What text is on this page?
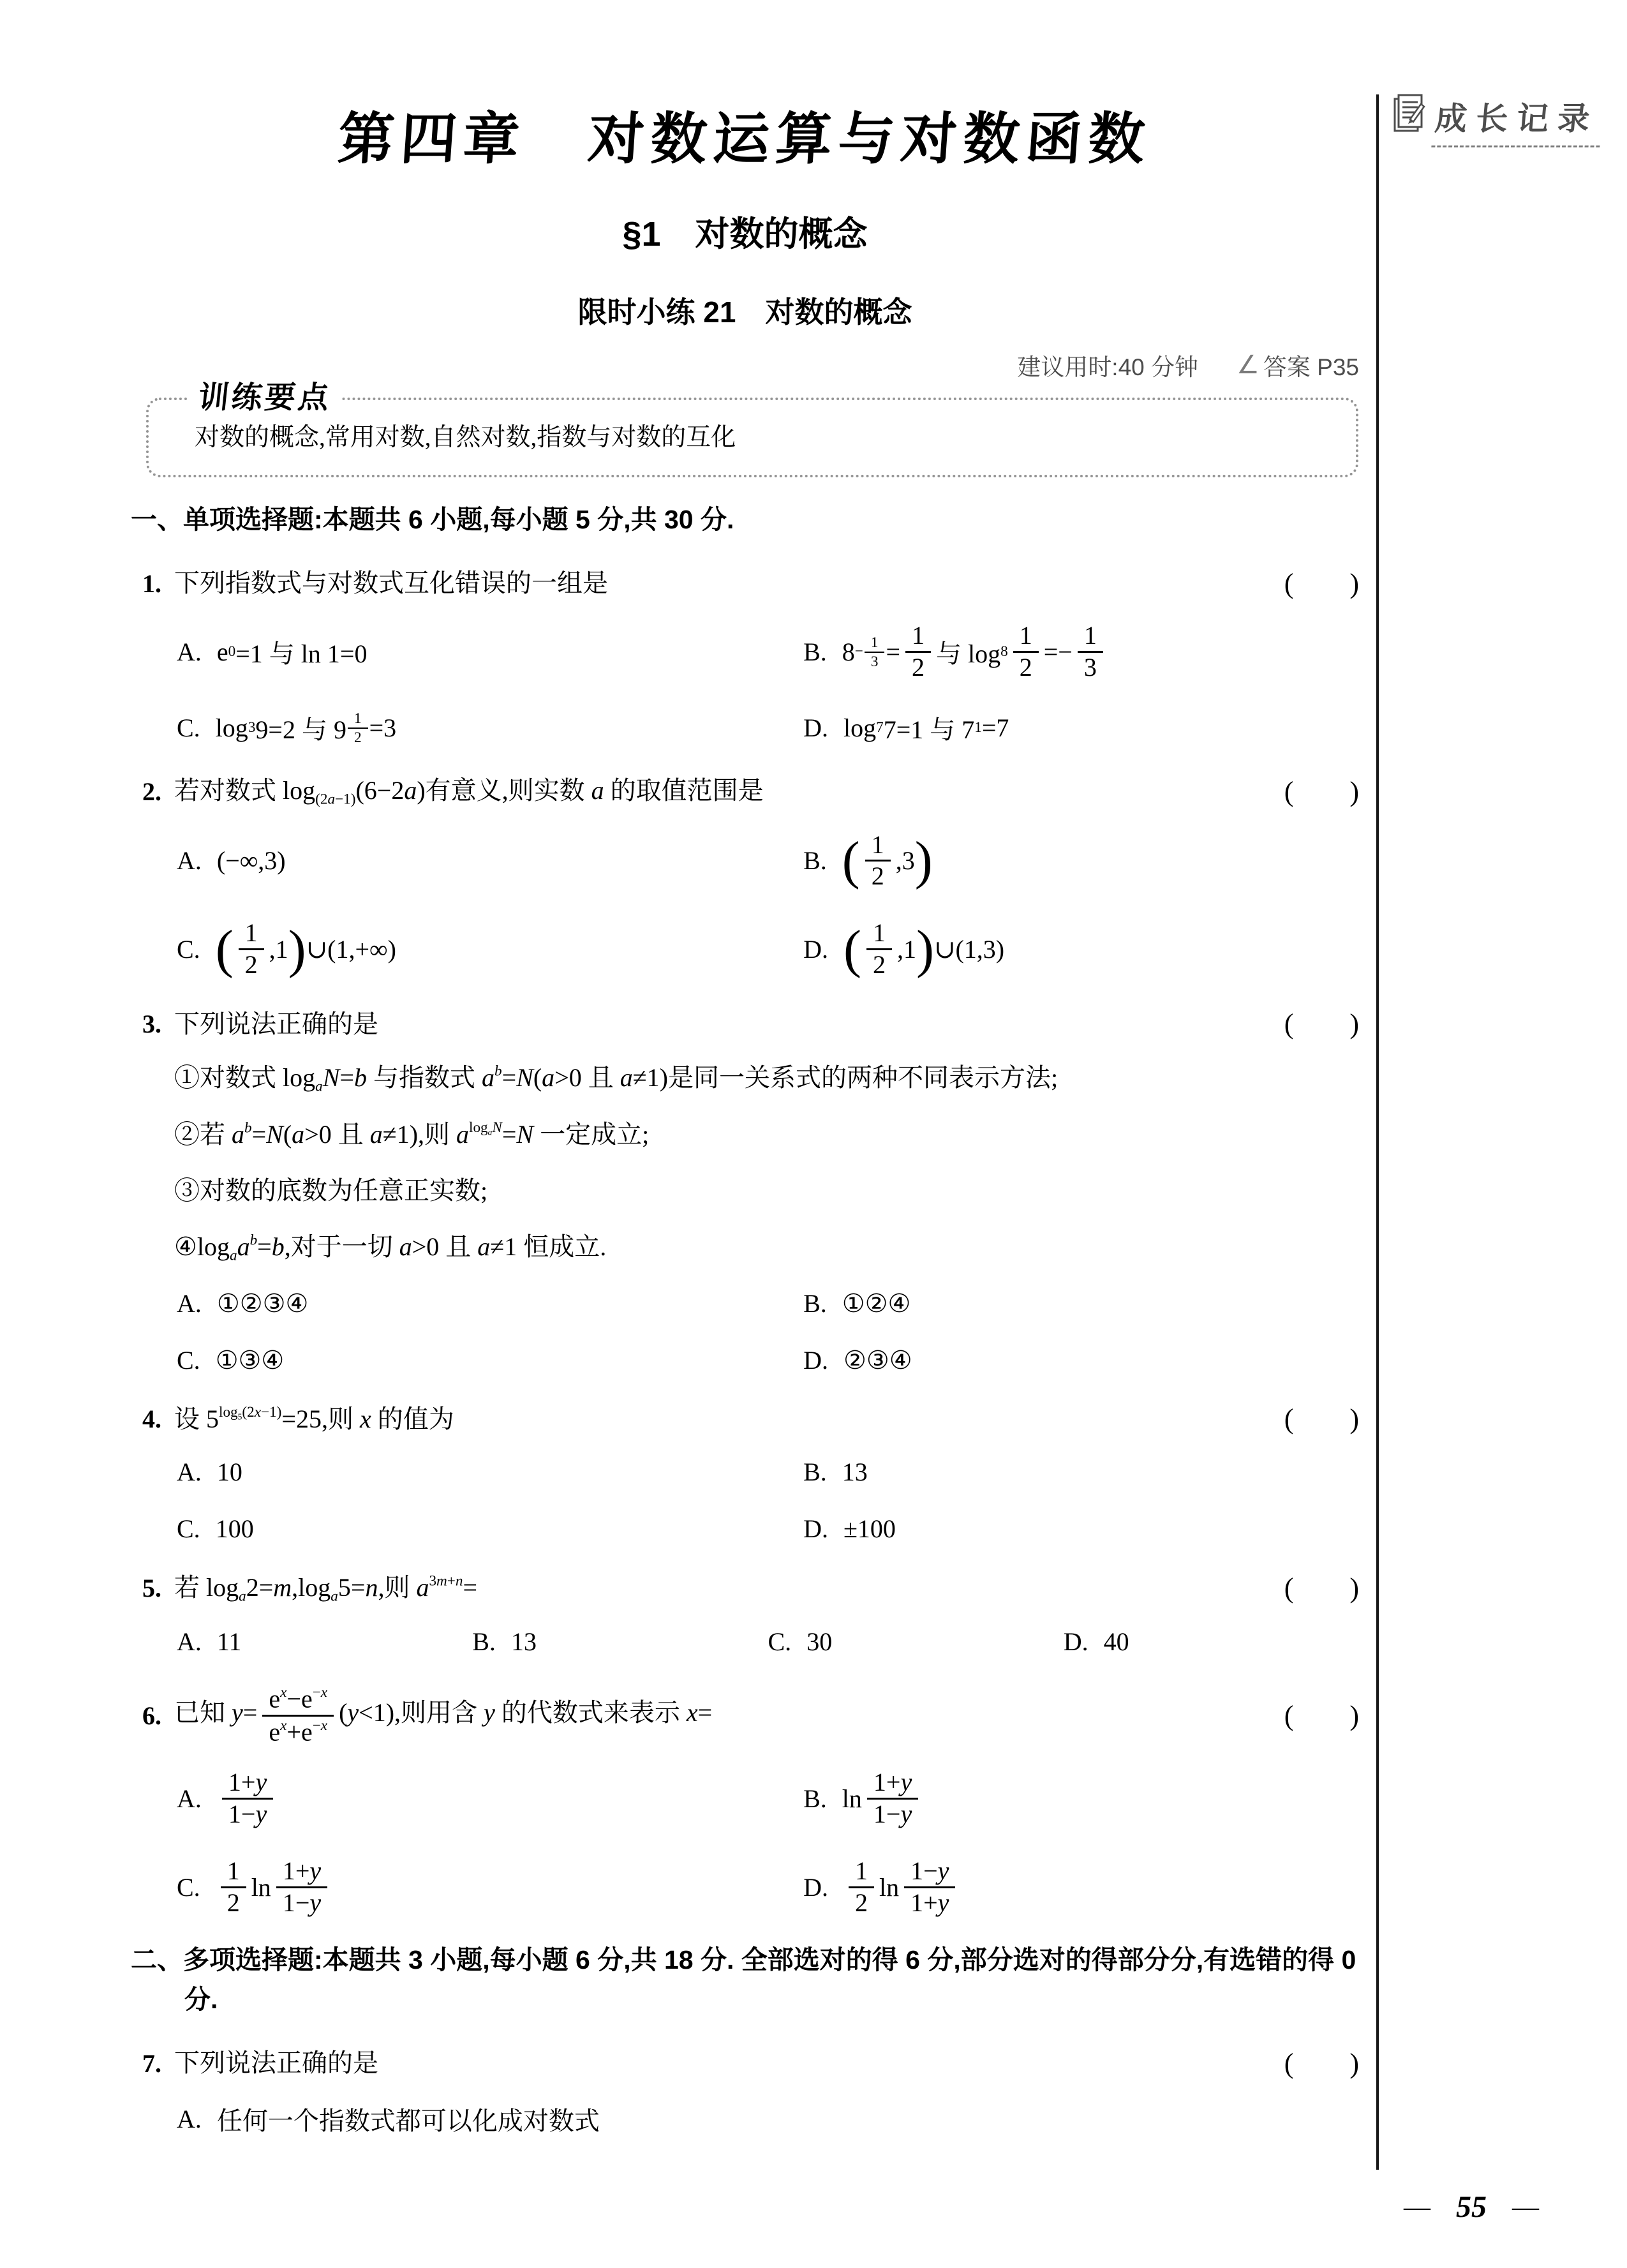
成长记录
第四章　对数运算与对数函数
§1　对数的概念
限时小练 21　对数的概念
建议用时:40 分钟 ∠ 答案 P35
训练要点
对数的概念,常用对数,自然对数,指数与对数的互化
一、单项选择题:本题共 6 小题,每小题 5 分,共 30 分.
1. 下列指数式与对数式互化错误的一组是	(        )
A. e 0 =1 与 ln 1=0	B. $8 - \frac{1}{3} = \frac{1}{2}$ 与 $\log 8 \frac{1}{2} =- \frac{1}{3}$
C. log 3 9=2 与 $9 \frac{1}{2} =3$	D. log 7 7=1 与 7 1 =7
2. 若对数式 $\log_{(2a-1)}(6-2a)$有意义,则实数 a 的取值范围是	(        )
A. (−∞,3)	B. ( $\frac{1}{2} ,3$ )
C. ( $\frac{1}{2} ,1$ ) ∪(1,+∞)	D. ( $\frac{1}{2} ,1$ ) ∪(1,3)
3. 下列说法正确的是	(        )
①对数式 $\log_aN=b$ 与指数式 $a^b=N(a>0$ 且 a≠1)是同一关系式的两种不同表示方法;
②若 $a^b=N(a>0$ 且 a≠1),则 $a^{log_aN}=N$ 一定成立;
③对数的底数为任意正实数;
$④\log_aa^b=b$,对于一切 a>0 且 a≠1 恒成立.
A. ①②③④	B. ①②④
C. ①③④	D. ②③④
4. 设 $5^{log_5(2x-1)}=25$,则 x 的值为	(        )
A. 10	B. 13
C. 100	D. ±100
5. 若 $\log_a2=m,\log_a5=n$,则 $a^{3m+n}=$	(        )
A. 11	B. 13	C. 30	D. 40
6. 已知 $y= \frac{e^x-e^{-x}}{e^x+e^{-x}} (y<1)$,则用含 y 的代数式来表示 x=	(        )
A. $\frac{1+y}{1-y}$	B. $\ln \frac{1+y}{1-y}$
C. $\frac{1}{2}$ $\ln \frac{1+y}{1-y}$	D. $\frac{1}{2}$ $\ln \frac{1-y}{1+y}$
二、多项选择题:本题共 3 小题,每小题 6 分,共 18 分. 全部选对的得 6 分,部分选对的得部分分,有选错的得 0 分.
7. 下列说法正确的是	(        )
A. 任何一个指数式都可以化成对数式
— 55 —
